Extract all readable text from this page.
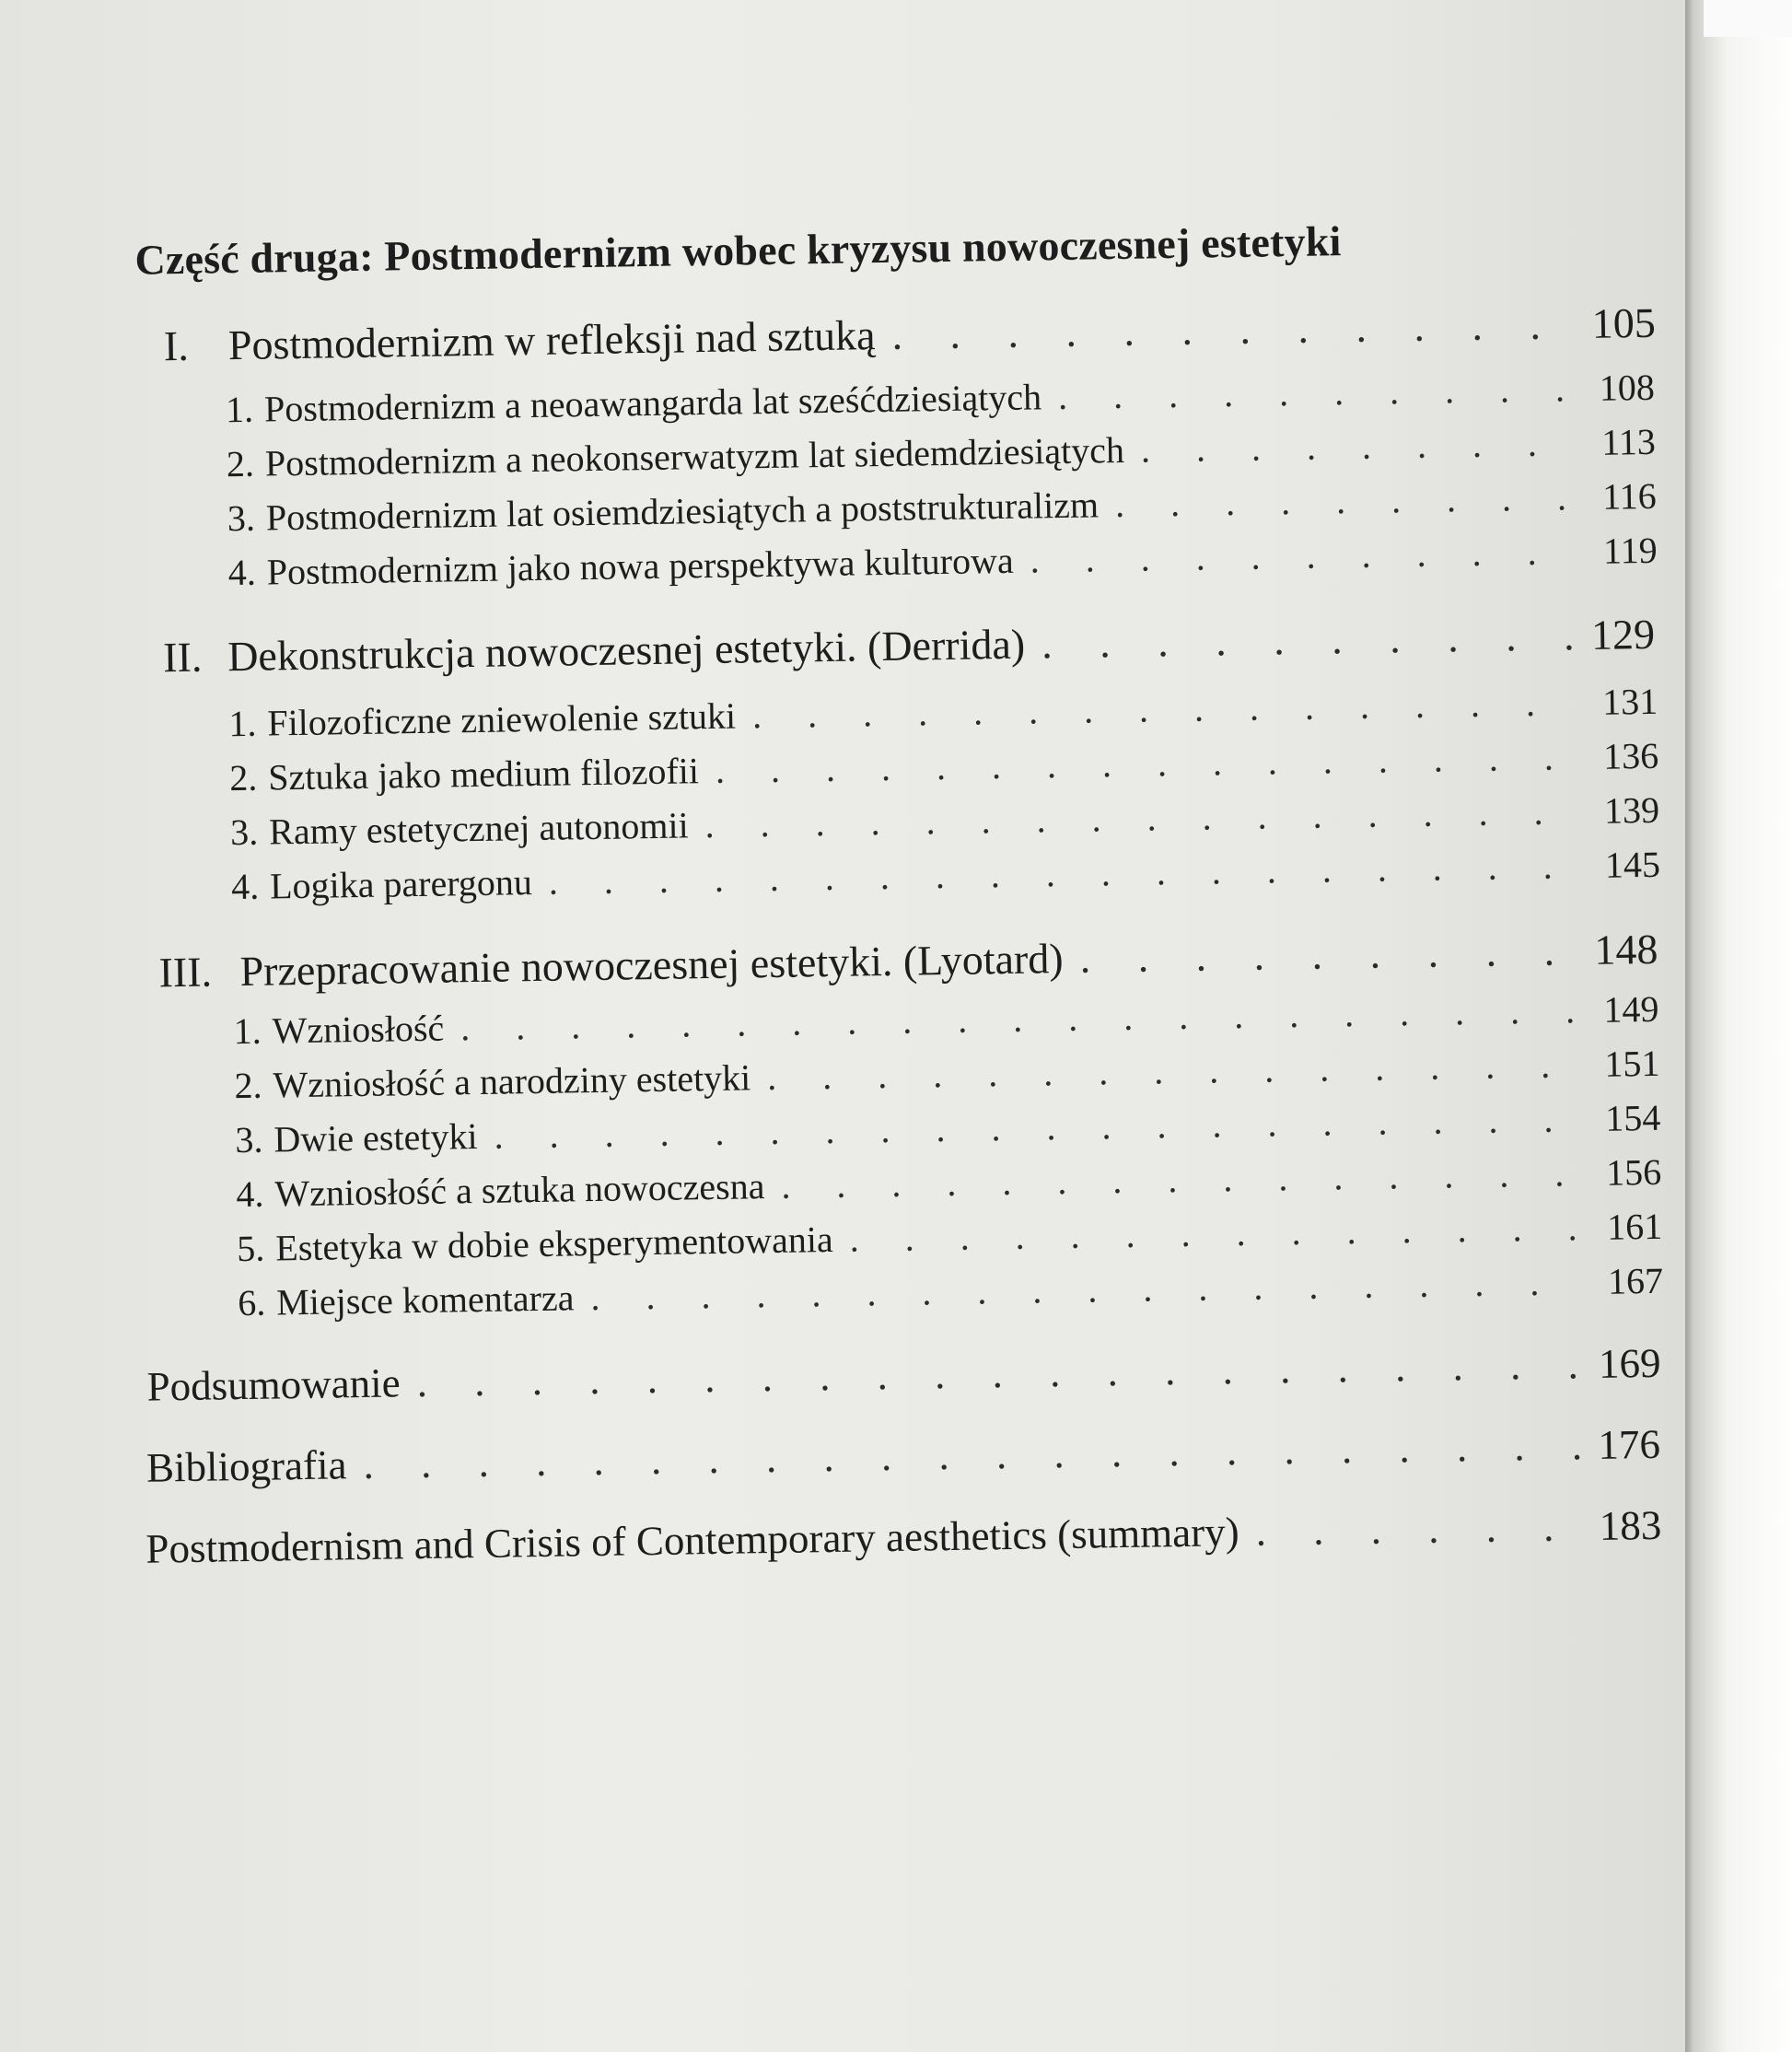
Część druga: Postmodernizm wobec kryzysu nowoczesnej estetyki
I. Postmodernizm w refleksji nad sztuką . . .	105
1. Postmodernizm a neoawangarda lat sześćdziesiątych . . .	108
2. Postmodernizm a neokonserwatyzm lat siedemdziesiątych . . .	113
3. Postmodernizm lat osiemdziesiątych a poststrukturalizm . . .	116
4. Postmodernizm jako nowa perspektywa kulturowa . . .	119
II. Dekonstrukcja nowoczesnej estetyki. (Derrida) . . .	129
1. Filozoficzne zniewolenie sztuki . . .	131
2. Sztuka jako medium filozofii . . .	136
3. Ramy estetycznej autonomii . . .	139
4. Logika parergonu . . .	145
III. Przepracowanie nowoczesnej estetyki. (Lyotard) . . .	148
1. Wzniosłość . . .	149
2. Wzniosłość a narodziny estetyki . . .	151
3. Dwie estetyki . . .	154
4. Wzniosłość a sztuka nowoczesna . . .	156
5. Estetyka w dobie eksperymentowania . . .	161
6. Miejsce komentarza . . .	167
Podsumowanie . . .	169
Bibliografia . . .	176
Postmodernism and Crisis of Contemporary aesthetics (summary) . . .	183
